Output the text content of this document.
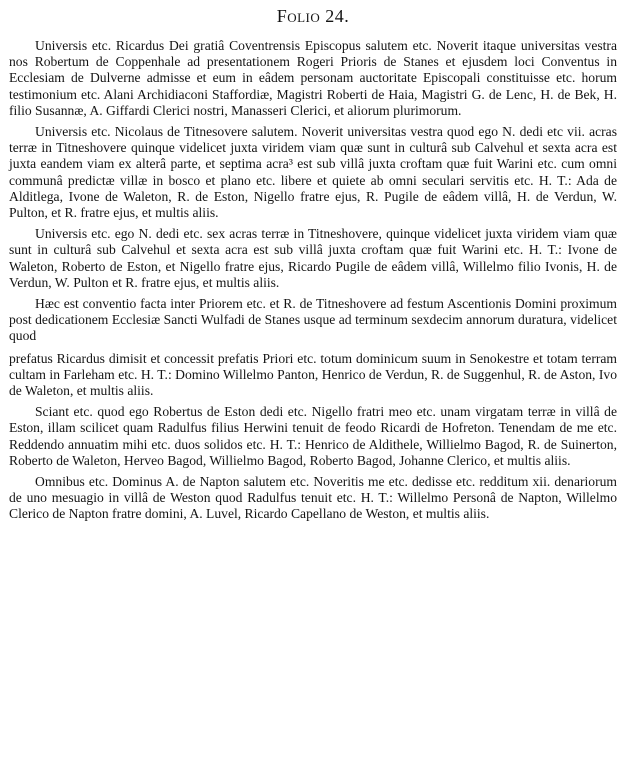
Folio 24.

Universis etc. Ricardus Dei gratiâ Coventrensis Episcopus salutem etc. Noverit itaque universitas vestra nos Robertum de Coppenhale ad presentationem Rogeri Prioris de Stanes et ejusdem loci Conventus in Ecclesiam de Dulverne admisse et eum in eâdem personam auctoritate Episcopali constituisse etc. horum testimonium etc. Alani Archidiaconi Staffordiæ, Magistri Roberti de Haia, Magistri G. de Lenc, H. de Bek, H. filio Susannæ, A. Giffardi Clerici nostri, Manasseri Clerici, et aliorum plurimorum.

Universis etc. Nicolaus de Titnesovere salutem. Noverit universitas vestra quod ego N. dedi etc vii. acras terræ in Titneshovere quinque videlicet juxta viridem viam quæ sunt in culturâ sub Calvehul et sexta acra est juxta eandem viam ex alterâ parte, et septima acra³ est sub villâ juxta croftam quæ fuit Warini etc. cum omni communâ predictæ villæ in bosco et plano etc. libere et quiete ab omni seculari servitis etc. H. T.: Ada de Alditlega, Ivone de Waleton, R. de Eston, Nigello fratre ejus, R. Pugile de eâdem villâ, H. de Verdun, W. Pulton, et R. fratre ejus, et multis aliis.

Universis etc. ego N. dedi etc. sex acras terræ in Titneshovere, quinque videlicet juxta viridem viam quæ sunt in culturâ sub Calvehul et sexta acra est sub villâ juxta croftam quæ fuit Warini etc. H. T.: Ivone de Waleton, Roberto de Eston, et Nigello fratre ejus, Ricardo Pugile de eâdem villâ, Willelmo filio Ivonis, H. de Verdun, W. Pulton et R. fratre ejus, et multis aliis.

Hæc est conventio facta inter Priorem etc. et R. de Titneshovere ad festum Ascentionis Domini proximum post dedicationem Ecclesiæ Sancti Wulfadi de Stanes usque ad terminum sexdecim annorum duratura, videlicet quod

prefatus Ricardus dimisit et concessit prefatis Priori etc. totum dominicum suum in Senokestre et totam terram cultam in Farleham etc. H. T.: Domino Willelmo Panton, Henrico de Verdun, R. de Suggenhul, R. de Aston, Ivo de Waleton, et multis aliis.

Sciant etc. quod ego Robertus de Eston dedi etc. Nigello fratri meo etc. unam virgatam terræ in villâ de Eston, illam scilicet quam Radulfus filius Herwini tenuit de feodo Ricardi de Hofreton. Tenendam de me etc. Reddendo annuatim mihi etc. duos solidos etc. H. T.: Henrico de Aldithele, Willielmo Bagod, R. de Suinerton, Roberto de Waleton, Herveo Bagod, Willielmo Bagod, Roberto Bagod, Johanne Clerico, et multis aliis.

Omnibus etc. Dominus A. de Napton salutem etc. Noveritis me etc. dedisse etc. redditum xii. denariorum de uno mesuagio in villâ de Weston quod Radulfus tenuit etc. H. T.: Willelmo Personâ de Napton, Willelmo Clerico de Napton fratre domini, A. Luvel, Ricardo Capellano de Weston, et multis aliis.
